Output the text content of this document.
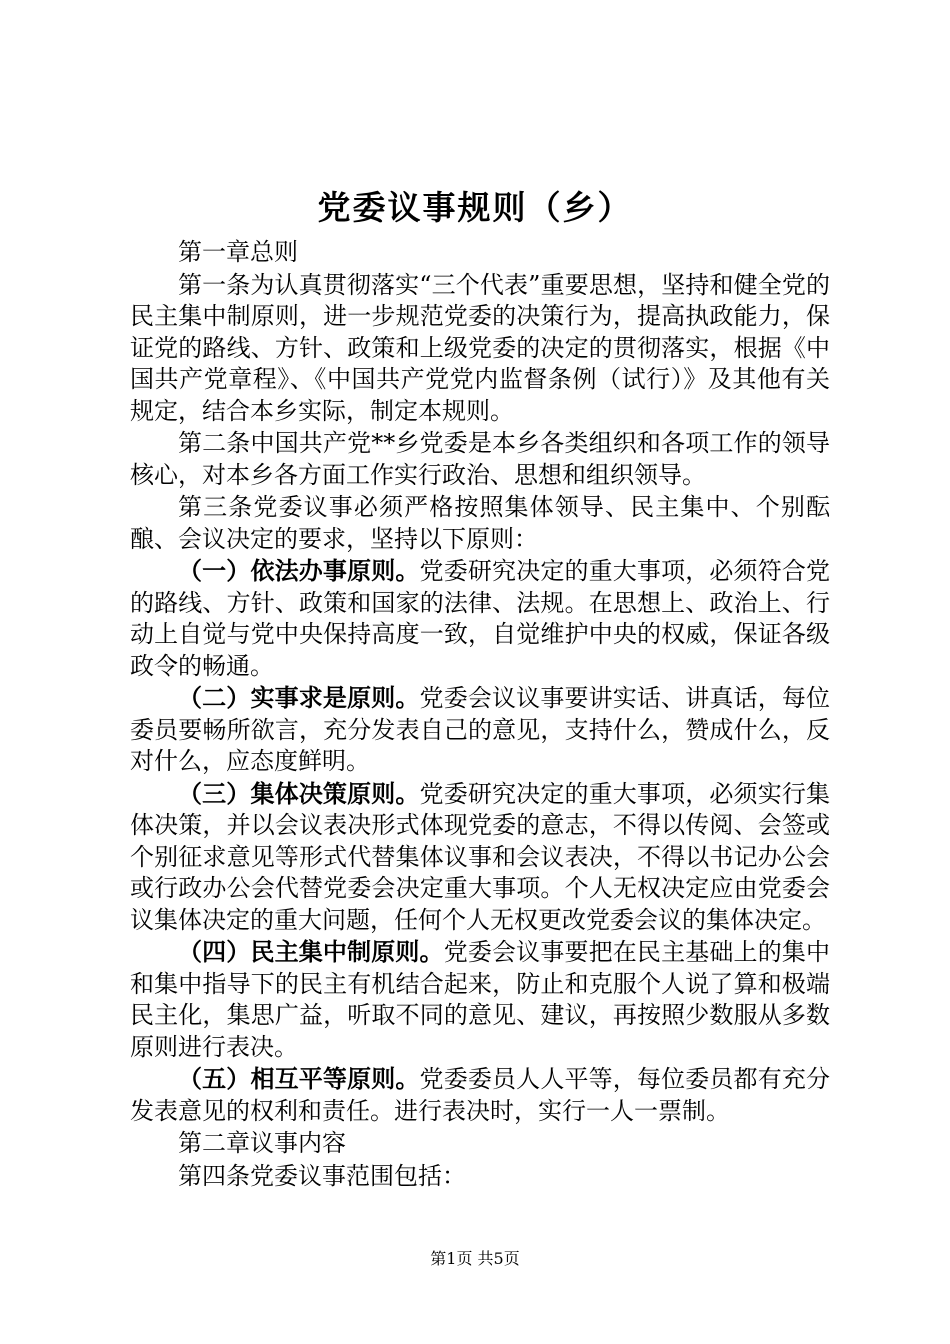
党委议事规则（乡）

第一章总则

第一条为认真贯彻落实“三个代表”重要思想，坚持和健全党的民主集中制原则，进一步规范党委的决策行为，提高执政能力，保证党的路线、方针、政策和上级党委的决定的贯彻落实，根据《中国共产党章程》、《中国共产党党内监督条例（试行）》及其他有关规定，结合本乡实际，制定本规则。

第二条中国共产党**乡党委是本乡各类组织和各项工作的领导核心，对本乡各方面工作实行政治、思想和组织领导。

第三条党委议事必须严格按照集体领导、民主集中、个别酝酿、会议决定的要求，坚持以下原则：

（一）依法办事原则。党委研究决定的重大事项，必须符合党的路线、方针、政策和国家的法律、法规。在思想上、政治上、行动上自觉与党中央保持高度一致，自觉维护中央的权威，保证各级政令的畅通。

（二）实事求是原则。党委会议议事要讲实话、讲真话，每位委员要畅所欲言，充分发表自己的意见，支持什么，赞成什么，反对什么，应态度鲜明。

（三）集体决策原则。党委研究决定的重大事项，必须实行集体决策，并以会议表决形式体现党委的意志，不得以传阅、会签或个别征求意见等形式代替集体议事和会议表决，不得以书记办公会或行政办公会代替党委会决定重大事项。个人无权决定应由党委会议集体决定的重大问题，任何个人无权更改党委会议的集体决定。

（四）民主集中制原则。党委会议事要把在民主基础上的集中和集中指导下的民主有机结合起来，防止和克服个人说了算和极端民主化，集思广益，听取不同的意见、建议，再按照少数服从多数原则进行表决。

（五）相互平等原则。党委委员人人平等，每位委员都有充分发表意见的权利和责任。进行表决时，实行一人一票制。

第二章议事内容

第四条党委议事范围包括：

第1页 共5页
